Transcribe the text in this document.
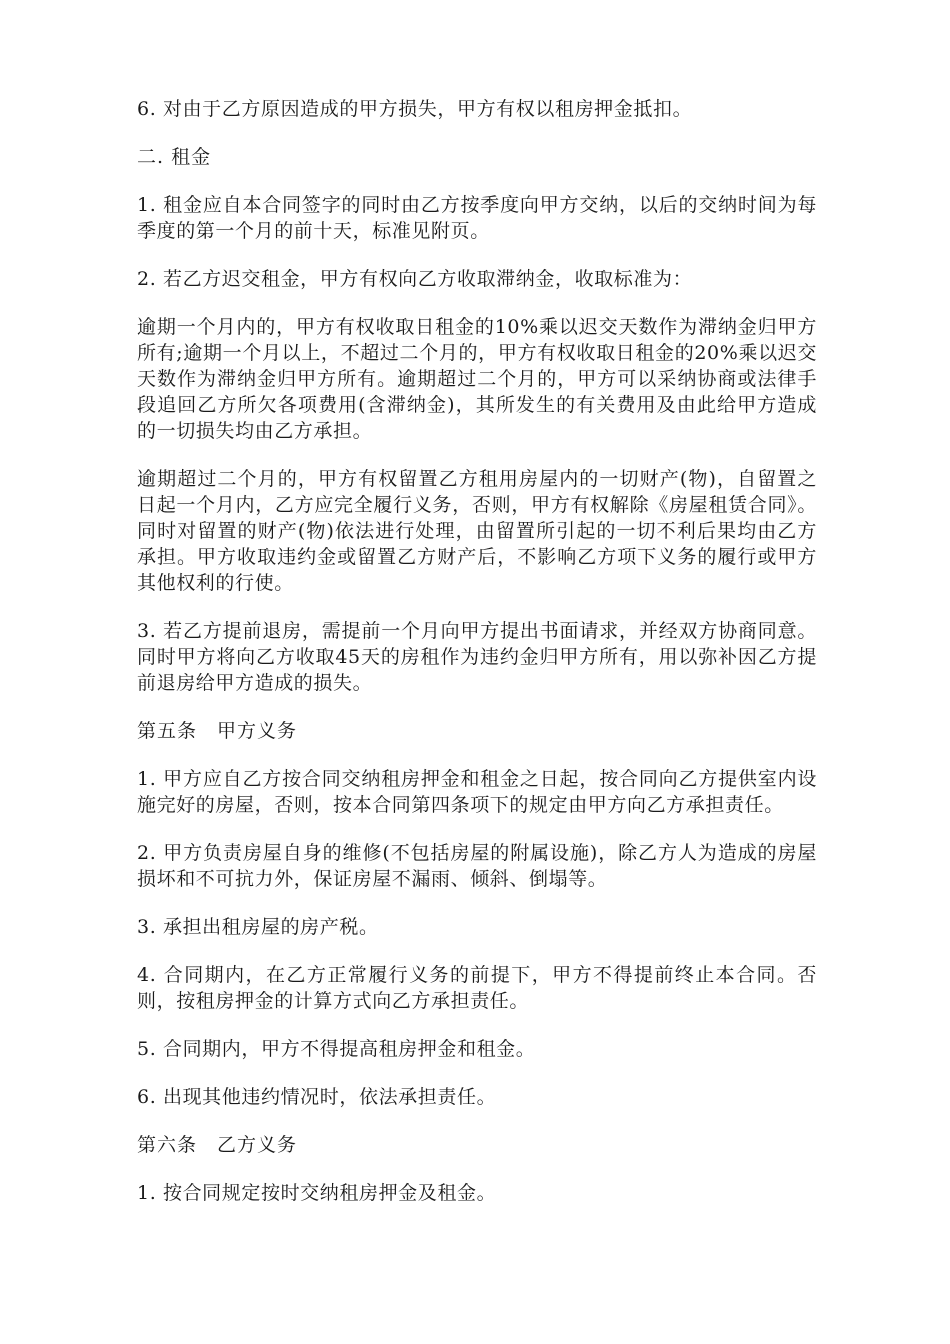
6. 对由于乙方原因造成的甲方损失，甲方有权以租房押金抵扣。

二. 租金

1. 租金应自本合同签字的同时由乙方按季度向甲方交纳，以后的交纳时间为每季度的第一个月的前十天，标准见附页。

2. 若乙方迟交租金，甲方有权向乙方收取滞纳金，收取标准为：

逾期一个月内的，甲方有权收取日租金的10%乘以迟交天数作为滞纳金归甲方所有;逾期一个月以上，不超过二个月的，甲方有权收取日租金的20%乘以迟交天数作为滞纳金归甲方所有。逾期超过二个月的，甲方可以采纳协商或法律手段追回乙方所欠各项费用(含滞纳金)，其所发生的有关费用及由此给甲方造成的一切损失均由乙方承担。

逾期超过二个月的，甲方有权留置乙方租用房屋内的一切财产(物)，自留置之日起一个月内，乙方应完全履行义务，否则，甲方有权解除《房屋租赁合同》。同时对留置的财产(物)依法进行处理，由留置所引起的一切不利后果均由乙方承担。甲方收取违约金或留置乙方财产后，不影响乙方项下义务的履行或甲方其他权利的行使。

3. 若乙方提前退房，需提前一个月向甲方提出书面请求，并经双方协商同意。同时甲方将向乙方收取45天的房租作为违约金归甲方所有，用以弥补因乙方提前退房给甲方造成的损失。

第五条　甲方义务

1. 甲方应自乙方按合同交纳租房押金和租金之日起，按合同向乙方提供室内设施完好的房屋，否则，按本合同第四条项下的规定由甲方向乙方承担责任。

2. 甲方负责房屋自身的维修(不包括房屋的附属设施)，除乙方人为造成的房屋损坏和不可抗力外，保证房屋不漏雨、倾斜、倒塌等。

3. 承担出租房屋的房产税。

4. 合同期内，在乙方正常履行义务的前提下，甲方不得提前终止本合同。否则，按租房押金的计算方式向乙方承担责任。

5. 合同期内，甲方不得提高租房押金和租金。

6. 出现其他违约情况时，依法承担责任。

第六条　乙方义务

1. 按合同规定按时交纳租房押金及租金。
